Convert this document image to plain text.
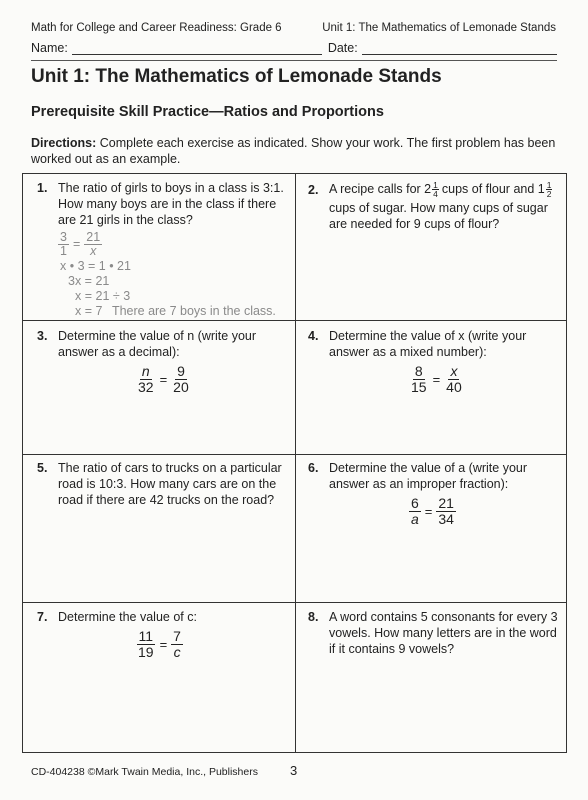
Math for College and Career Readiness: Grade 6	Unit 1: The Mathematics of Lemonade Stands
Name:	Date:
Unit 1: The Mathematics of Lemonade Stands
Prerequisite Skill Practice—Ratios and Proportions
Directions: Complete each exercise as indicated. Show your work. The first problem has been worked out as an example.
1. The ratio of girls to boys in a class is 3:1.
How many boys are in the class if there
are 21 girls in the class?
$\frac{3}{1} = \frac{21}{x}$
x • 3 = 1 • 21
3x = 21
x = 21 ÷ 3
x = 7 There are 7 boys in the class.
2. A recipe calls for $2 \frac{1}{4}$ cups of flour and $1 \frac{1}{2}$
cups of sugar. How many cups of sugar
are needed for 9 cups of flour?
3. Determine the value of n (write your
answer as a decimal):
$\frac{n}{32} = \frac{9}{20}$
4. Determine the value of x (write your
answer as a mixed number):
$\frac{8}{15} = \frac{x}{40}$
5. The ratio of cars to trucks on a particular
road is 10:3. How many cars are on the
road if there are 42 trucks on the road?
6. Determine the value of a (write your
answer as an improper fraction):
$\frac{6}{a} = \frac{21}{34}$
7. Determine the value of c:
$\frac{11}{19} = \frac{7}{c}$
8. A word contains 5 consonants for every 3
vowels. How many letters are in the word
if it contains 9 vowels?
CD-404238 ©Mark Twain Media, Inc., Publishers 3
